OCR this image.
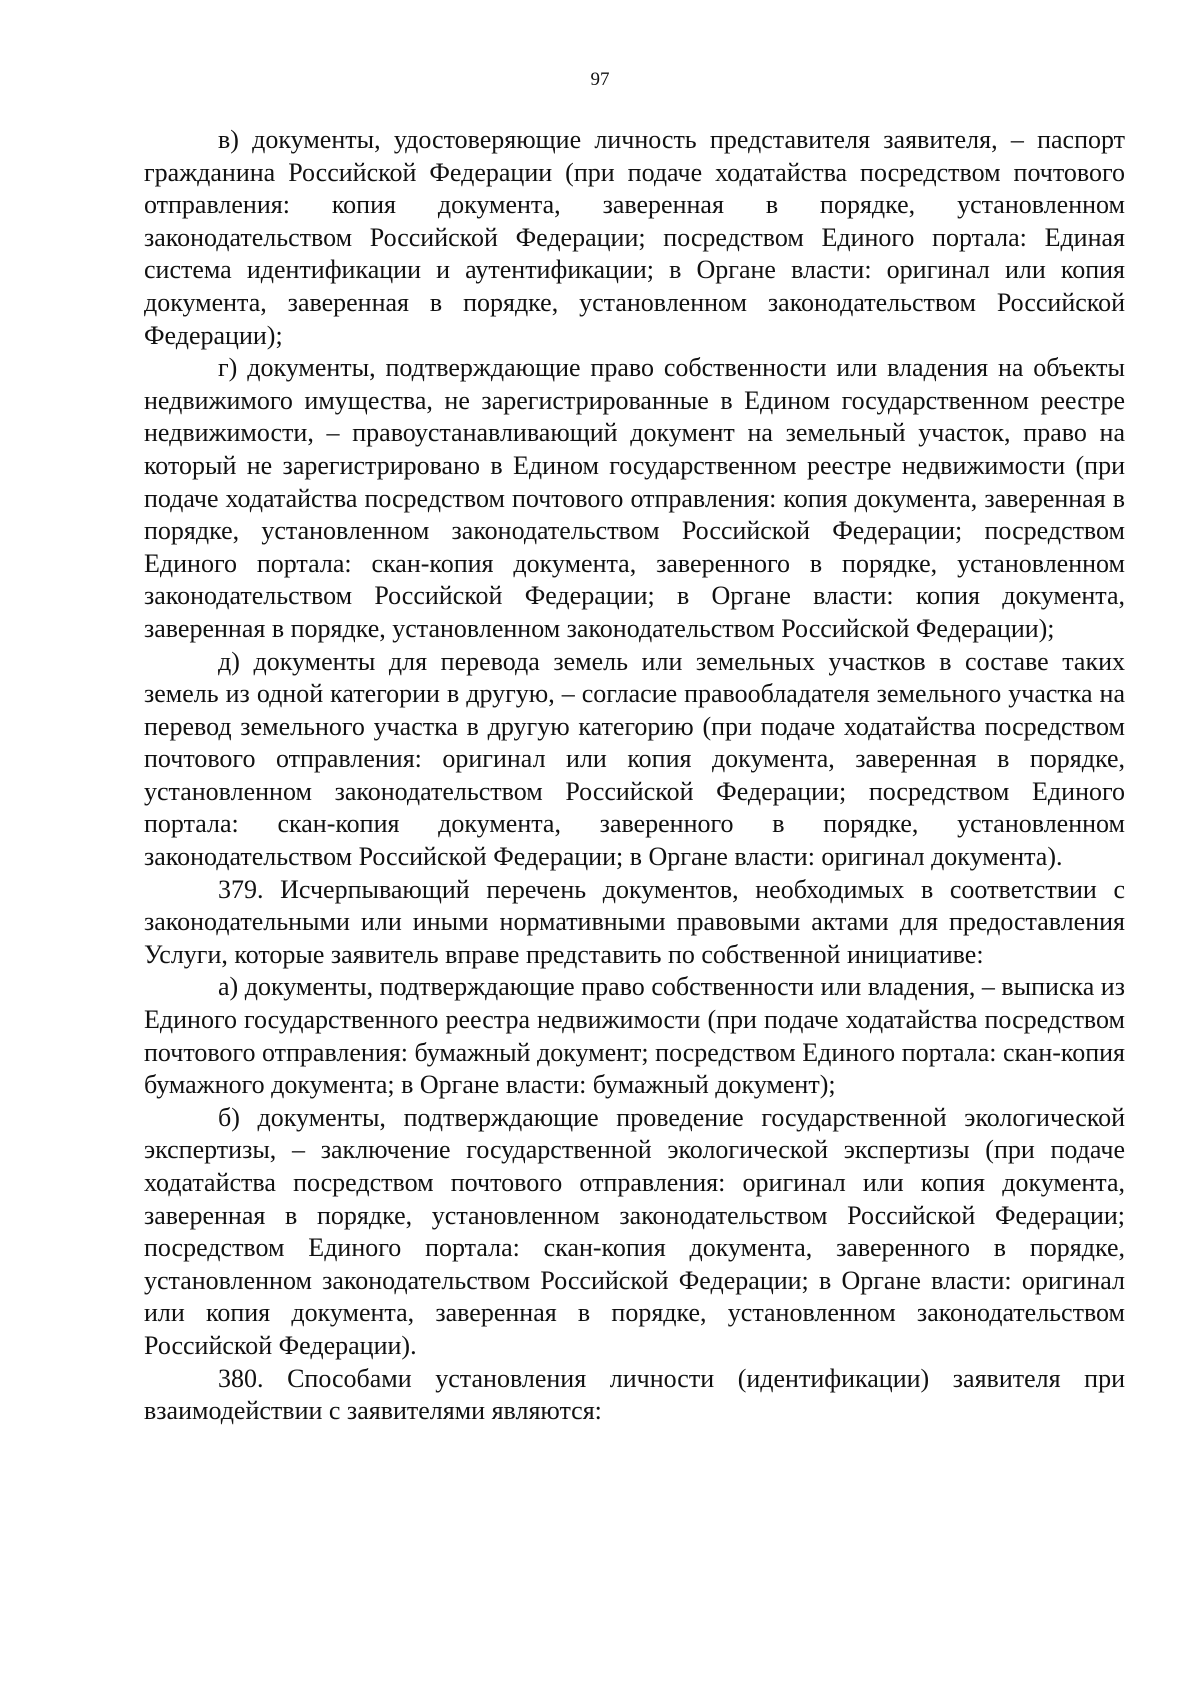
97

в) документы, удостоверяющие личность представителя заявителя, – паспорт гражданина Российской Федерации (при подаче ходатайства посредством почтового отправления: копия документа, заверенная в порядке, установленном законодательством Российской Федерации; посредством Единого портала: Единая система идентификации и аутентификации; в Органе власти: оригинал или копия документа, заверенная в порядке, установленном законодательством Российской Федерации);

г) документы, подтверждающие право собственности или владения на объекты недвижимого имущества, не зарегистрированные в Едином государственном реестре недвижимости, – правоустанавливающий документ на земельный участок, право на который не зарегистрировано в Едином государственном реестре недвижимости (при подаче ходатайства посредством почтового отправления: копия документа, заверенная в порядке, установленном законодательством Российской Федерации; посредством Единого портала: скан-копия документа, заверенного в порядке, установленном законодательством Российской Федерации; в Органе власти: копия документа, заверенная в порядке, установленном законодательством Российской Федерации);

д) документы для перевода земель или земельных участков в составе таких земель из одной категории в другую, – согласие правообладателя земельного участка на перевод земельного участка в другую категорию (при подаче ходатайства посредством почтового отправления: оригинал или копия документа, заверенная в порядке, установленном законодательством Российской Федерации; посредством Единого портала: скан-копия документа, заверенного в порядке, установленном законодательством Российской Федерации; в Органе власти: оригинал документа).

379. Исчерпывающий перечень документов, необходимых в соответствии с законодательными или иными нормативными правовыми актами для предоставления Услуги, которые заявитель вправе представить по собственной инициативе:

а) документы, подтверждающие право собственности или владения, – выписка из Единого государственного реестра недвижимости (при подаче ходатайства посредством почтового отправления: бумажный документ; посредством Единого портала: скан-копия бумажного документа; в Органе власти: бумажный документ);

б) документы, подтверждающие проведение государственной экологической экспертизы, – заключение государственной экологической экспертизы (при подаче ходатайства посредством почтового отправления: оригинал или копия документа, заверенная в порядке, установленном законодательством Российской Федерации; посредством Единого портала: скан-копия документа, заверенного в порядке, установленном законодательством Российской Федерации; в Органе власти: оригинал или копия документа, заверенная в порядке, установленном законодательством Российской Федерации).

380. Способами установления личности (идентификации) заявителя при взаимодействии с заявителями являются:
